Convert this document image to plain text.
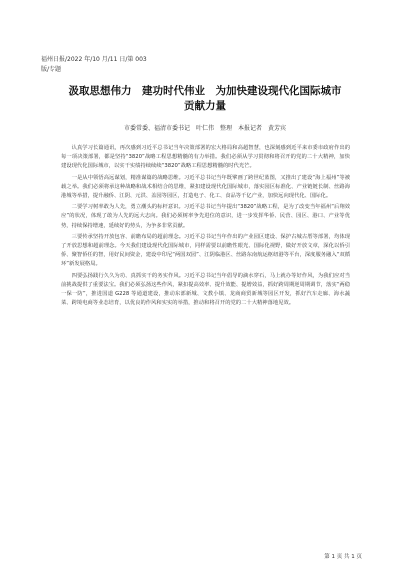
福州日报/2022 年/10 月/11 日/第 003
版/专题
汲取思想伟力　建功时代伟业　为加快建设现代化国际城市
贡献力量
市委常委、福清市委书记　叶仁伟　整理　本报记者　黄芳宾

认真学习长篇通讯，再次感到习近平总书记当年决策部署的宏大格局和高超智慧，也深刻感到近平来市委市政府作出的每一项决策部署，都是坚持“3820”战略工程思想精髓的有力举措。我们必须从学习贯彻和将召开的党的二十大精神，加快建设现代化国际城市，以实干实绩持续续续“3820”战略工程思想精髓的时代光芒。

一是从中领悟高远谋划，精准谋篇的战略思维。习近平总书记当年既擘画了跨世纪蓝图，又推出了建设“海上福州”等被载之举。我们必须将承这种战略和战术相结合的思维，紧扣建设现代化国际城市，落实园区标准化、产业链链长制、丝路海港城等举措，提升融侨、江阴、元洪、盖园等园区，打造电子、化工、食品等千亿产业，加快远向现代化、国际化。

二要学习树率敢为人先，勇立潮头的标杆意识。习近平总书记当年提出“3820”战略工程，是为了改变当年福州“后翔效应”的状况，体现了敢为人先的远大志向。我们必须树率争先进位的意识，进一步发挥华侨、民营、园区、港口、产业等优势，持续保持增速，延续好的势头，为争多非常贡献。

三要传承坚持开放包容、前瞻布局的超前理念。习近平总书记当年作出的产业园区建设、保护古城古厝等部署，均体现了开放思想和超前理念。今天我们建设现代化国际城市，同样需要以前瞻性眼光、国际化视野，做好开放文章，深化以侨引侨、聚智侨任的智，用好民间资金，建设中印尼“两国双园”、江阴临港区、丝路东南航运枢纽港等平台，深度服务融入“双循环”新发展格局。

四要弘扬践行久久为功、真抓实干的务实作风。习近平总书记当年倡导的滴水穿石，马上就办等好作风，为我们应对当前挑战提供了重要法宝。我们必须弘扬这些作风，紧扣提高效率、提升效能、提增效益，抓好跨周期逆周期调节，落实“两稳一保一防”，推进国道 G228 等通道建设，推动东部新城、文教小镇、龙商商贸新城等园区开发，抓好汽车走廊、海水蔬菜、跨境电商等业态培育，以优良的作风和实实的举措，推动和将召开的党的二十大精神落地见效。

第 1 页 共 1 页
